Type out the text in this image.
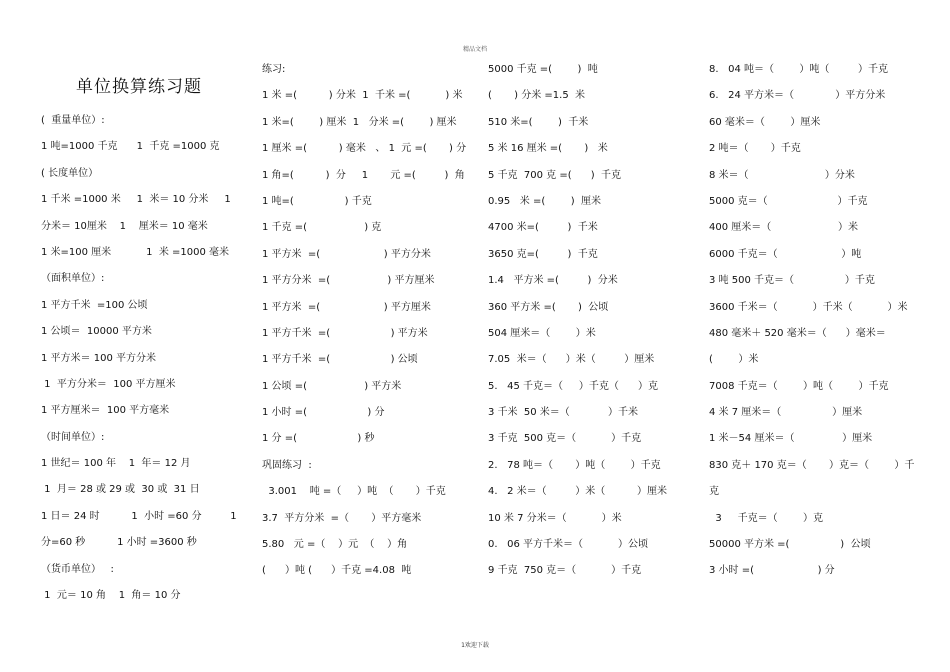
精品文档
单位换算练习题
(  重量单位）:
1 吨=1000 千克      1  千克 =1000 克
( 长度单位）
1 千米 =1000 米     1  米＝ 10 分米     1
分米＝ 10厘米    1    厘米＝ 10 毫米
1 米=100 厘米           1  米 =1000 毫米
（面积单位）:
1 平方千米  =100 公顷
1 公顷＝  10000 平方米
1 平方米＝ 100 平方分米
1  平方分米＝  100 平方厘米
1 平方厘米＝  100 平方毫米
（时间单位）:
1 世纪＝ 100 年    1  年＝ 12 月
1  月＝ 28 或 29 或  30 或  31 日
1 日＝ 24 时          1  小时 =60 分         1
分=60 秒          1 小时 =3600 秒
（货币单位）   :
1  元＝ 10 角    1  角＝ 10 分
练习:
1 米 =(          ) 分米  1  千米 =(           ) 米
1 米=(        ) 厘米  1   分米 =(        ) 厘米
1 厘米 =(          ) 毫米   、 1  元 =(       ) 分
1 角=(          )  分     1       元 =(         )  角
1 吨=(                ) 千克
1 千克 =(                  ) 克
1 平方米  =(                    ) 平方分米
1 平方分米  =(                  ) 平方厘米
1 平方米  =(                    ) 平方厘米
1 平方千米  =(                   ) 平方米
1 平方千米  =(                   ) 公顷
1 公顷 =(                  ) 平方米
1 小时 =(                   ) 分
1 分 =(                   ) 秒
巩固练习  :
3.001    吨 =（     ）吨  （       ）千克
3.7  平方分米  =（       ）平方毫米
5.80   元 =（    ）元  （    ）角
(      ）吨 (      ）千克 =4.08  吨
5000 千克 =(        )  吨
(       ) 分米 =1.5  米
510 米=(        )  千米
5 米 16 厘米 =(       )   米
5 千克  700 克 =(      )  千克
0.95   米 =(        )  厘米
4700 米=(         )  千米
3650 克=(         )  千克
1.4   平方米 =(         )  分米
360 平方米 =(       )  公顷
504 厘米＝（        ）米
7.05  米＝（      ）米（         ）厘米
5.   45 千克＝（     ）千克（      ）克
3 千米  50 米＝（            ）千米
3 千克  500 克＝（           ）千克
2.   78 吨＝（       ）吨（        ）千克
4.   2 米＝（         ）米（          ）厘米
10 米 7 分米＝（           ）米
0.   06 平方千米＝（           ）公顷
9 千克  750 克＝（           ）千克
8.   04 吨＝（        ）吨（         ）千克
6.   24 平方米＝（             ）平方分米
60 毫米＝（        ）厘米
2 吨＝（       ）千克
8 米＝（                        ）分米
5000 克＝（                      ）千克
400 厘米＝（                     ）米
6000 千克＝（                    ）吨
3 吨 500 千克＝（                ）千克
3600 千米＝（           ）千米（           ）米
480 毫米＋ 520 毫米＝（      ）毫米＝
(        ）米
7008 千克＝（        ）吨（        ）千克
4 米 7 厘米＝（                ）厘米
1 米－54 厘米＝（               ）厘米
830 克＋ 170 克＝（       ）克＝（        ）千
克
3     千克＝（        ）克
50000 平方米 =(                )  公顷
3 小时 =(                    ) 分
1欢迎下载
